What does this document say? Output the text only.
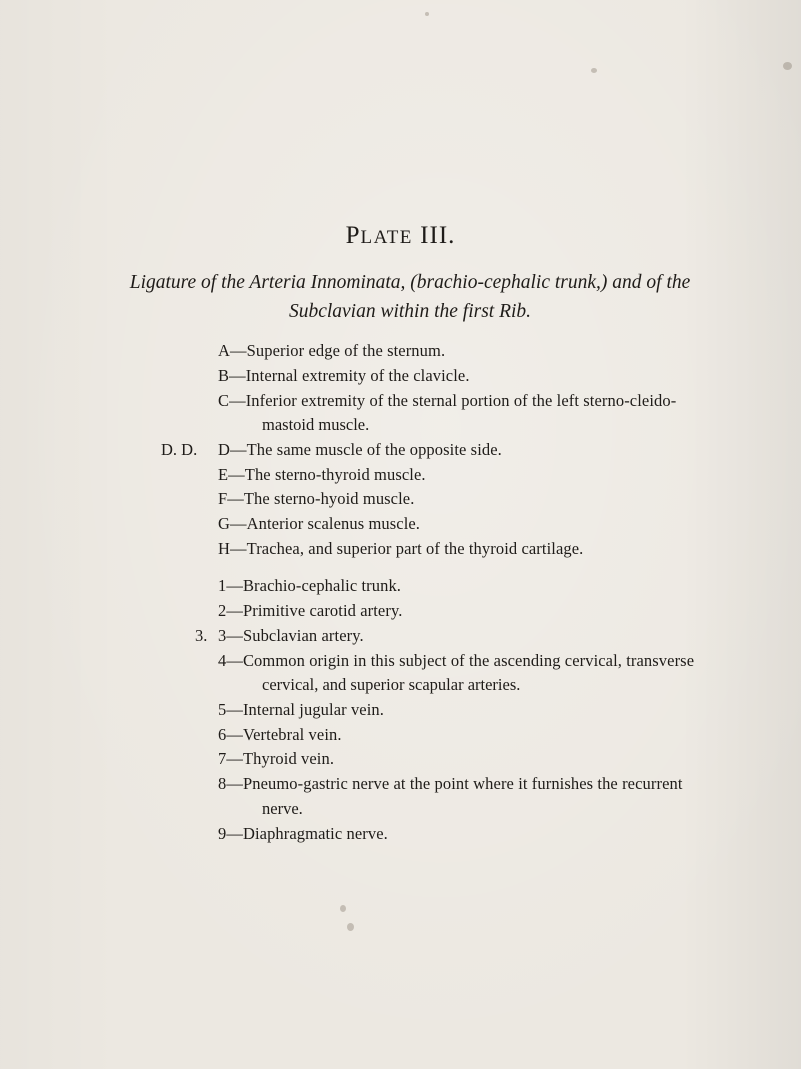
PLATE III.

Ligature of the Arteria Innominata, (brachio-cephalic trunk,) and of the
Subclavian within the first Rib.

A—Superior edge of the sternum.
B—Internal extremity of the clavicle.
C—Inferior extremity of the sternal portion of the left sterno-cleido-
mastoid muscle.
D. D. D—The same muscle of the opposite side.
E—The sterno-thyroid muscle.
F—The sterno-hyoid muscle.
G—Anterior scalenus muscle.
H—Trachea, and superior part of the thyroid cartilage.
1—Brachio-cephalic trunk.
2—Primitive carotid artery.
3. 3—Subclavian artery.
4—Common origin in this subject of the ascending cervical, transverse
cervical, and superior scapular arteries.
5—Internal jugular vein.
6—Vertebral vein.
7—Thyroid vein.
8—Pneumo-gastric nerve at the point where it furnishes the recurrent
nerve.
9—Diaphragmatic nerve.
